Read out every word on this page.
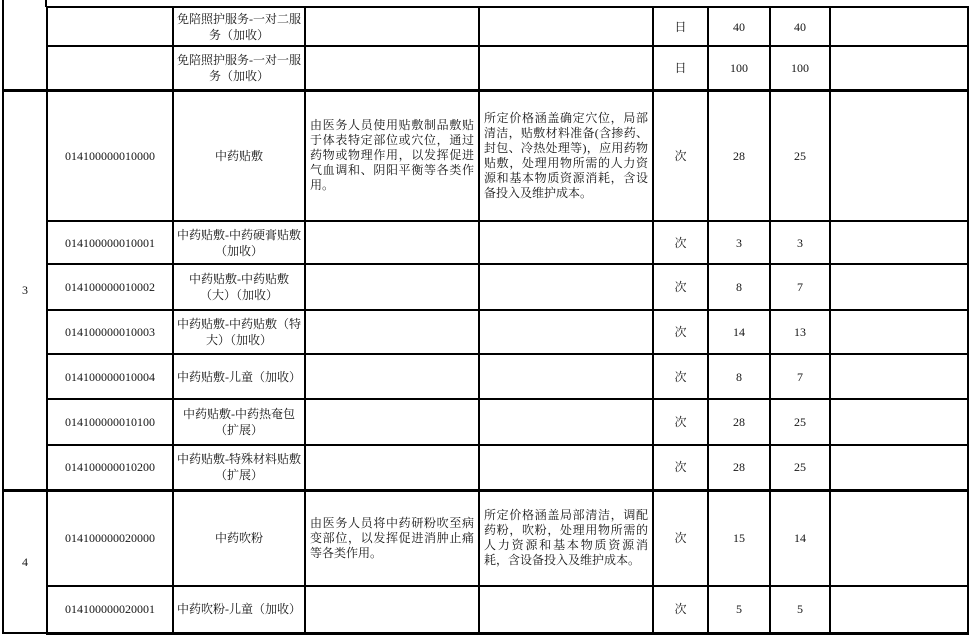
		免陪照护服务-一对二服务（加收）			日	40	40	
		免陪照护服务-一对一服务（加收）			日	100	100	
3	014100000010000	中药贴敷	由医务人员使用贴敷制品敷贴于体表特定部位或穴位，通过药物或物理作用，以发挥促进气血调和、阴阳平衡等各类作用。	所定价格涵盖确定穴位，局部清洁，贴敷材料准备(含掺药、封包、冷热处理等)，应用药物贴敷，处理用物所需的人力资源和基本物质资源消耗，含设备投入及维护成本。	次	28	25	
	014100000010001	中药贴敷-中药硬膏贴敷（加收）			次	3	3	
	014100000010002	中药贴敷-中药贴敷（大）（加收）			次	8	7	
	014100000010003	中药贴敷-中药贴敷（特大）（加收）			次	14	13	
	014100000010004	中药贴敷-儿童（加收）			次	8	7	
	014100000010100	中药贴敷-中药热奄包（扩展）			次	28	25	
	014100000010200	中药贴敷-特殊材料贴敷（扩展）			次	28	25	
4	014100000020000	中药吹粉	由医务人员将中药研粉吹至病变部位，以发挥促进消肿止痛等各类作用。	所定价格涵盖局部清洁，调配药粉，吹粉，处理用物所需的人力资源和基本物质资源消耗，含设备投入及维护成本。	次	15	14	
	014100000020001	中药吹粉-儿童（加收）			次	5	5	
